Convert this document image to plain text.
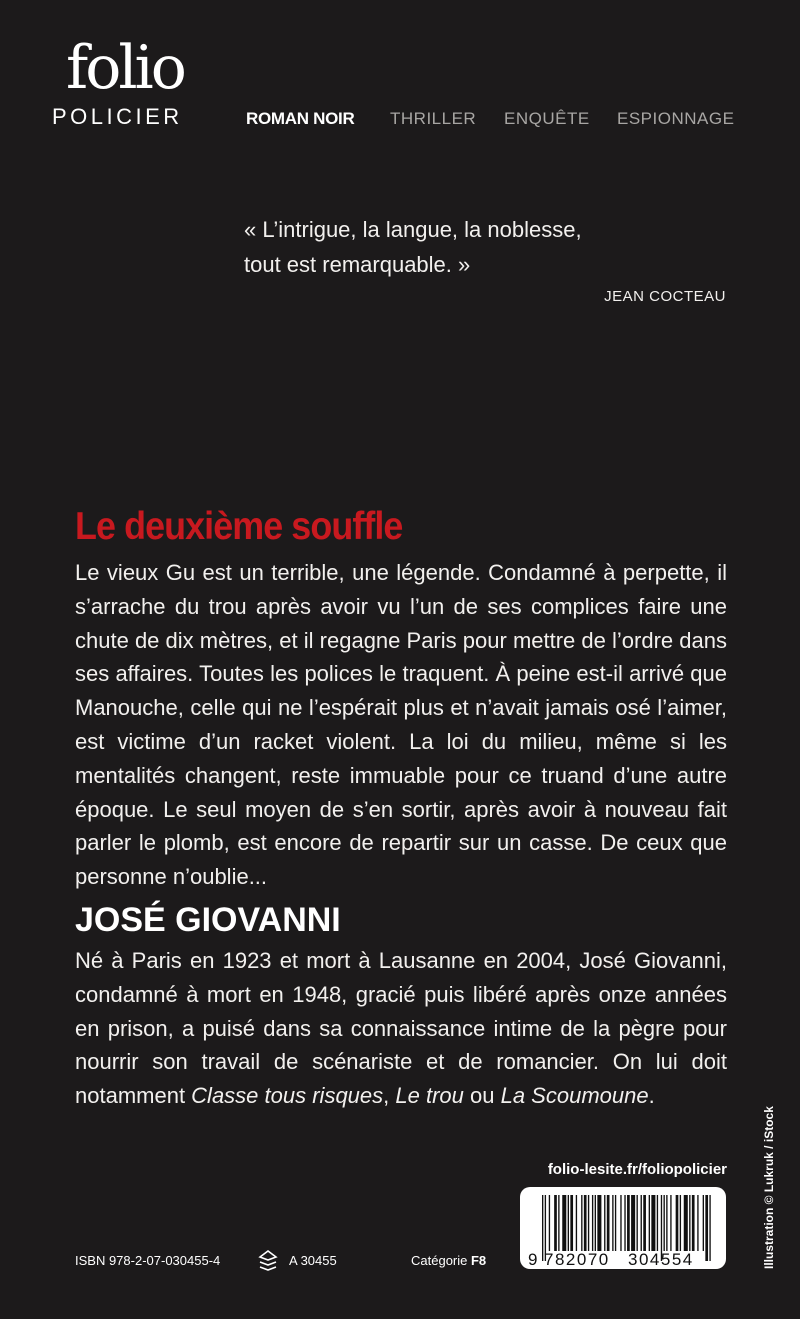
folio
POLICIER	ROMAN NOIR THRILLER ENQUÊTE ESPIONNAGE
« L’intrigue, la langue, la noblesse,
tout est remarquable. »
JEAN COCTEAU
Le deuxième souffle
Le vieux Gu est un terrible, une légende. Condamné à perpette, il s’arrache du trou après avoir vu l’un de ses complices faire une chute de dix mètres, et il regagne Paris pour mettre de l’ordre dans ses affaires. Toutes les polices le traquent. À peine est-il arrivé que Manouche, celle qui ne l’espérait plus et n’avait jamais osé l’aimer, est victime d’un racket violent. La loi du milieu, même si les mentalités changent, reste immuable pour ce truand d’une autre époque. Le seul moyen de s’en sortir, après avoir à nouveau fait parler le plomb, est encore de repartir sur un casse. De ceux que personne n’oublie...
JOSÉ GIOVANNI
Né à Paris en 1923 et mort à Lausanne en 2004, José Giovanni, condamné à mort en 1948, gracié puis libéré après onze années en prison, a puisé dans sa connaissance intime de la pègre pour nourrir son travail de scénariste et de romancier. On lui doit notamment Classe tous risques, Le trou ou La Scoumoune.
folio-lesite.fr/foliopolicier	Illustration © Lukruk / iStock
9 782070 304554
ISBN 978-2-07-030455-4	A 30455	Catégorie F8
